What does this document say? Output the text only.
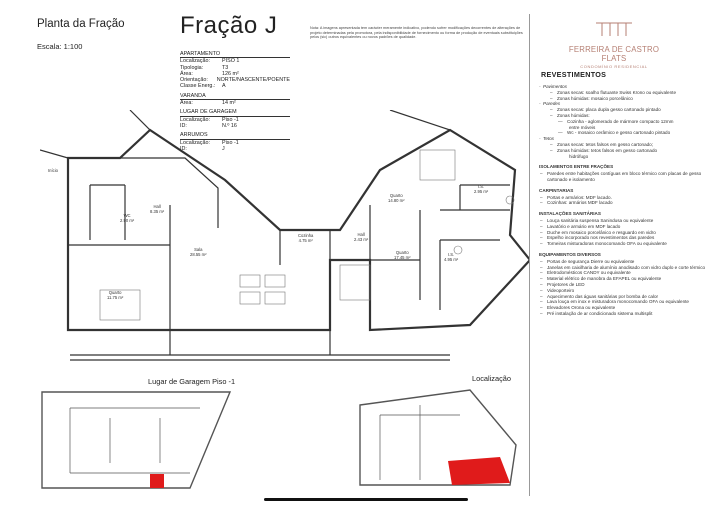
Planta da Fração
Escala: 1:100
Fração J	Nota: A imagens apresentada tem carácter meramente indicativo, podendo sofrer modificações decorrentes de alterações de projeto determinadas pela promotora, pela indisponibilidade de fornecimento ou forma de produção de eventuais substituições pelos (sic) outros equivalentes ou novos padrões de qualidade.
APARTAMENTO
Localização:	PISO 1
Tipologia:	T3
Área:	126 m²
Orientação:	NORTE/NASCENTE/POENTE
Classe Energ.:	A
VARANDA
Área:	14 m²
LUGAR DE GARAGEM
Localização:	Piso -1
ID:	N.º 16
ARRUMOS
Localização:	Piso -1
ID:	J
Início
WC
2.90 m²
Hall
8.35 m²
Sala
28.55 m²
Quarto
11.75 m²
Cozinha
4.75 m²
Hall
2.43 m²
Quarto
14.80 m²
Quarto
17.45 m²
I.S.
2.95 m²
I.S.
4.95 m²
Lugar de Garagem Piso -1	Localização
FERREIRA DE CASTRO FLATS
CONDOMÍNIO RESIDENCIAL
REVESTIMENTOS
- Pavimentos
– Zonas secas: soalho flutuante Swiss Krono ou equivalente
– Zonas húmidas: mosaico porcelânico
- Paredes
– Zonas secas: placa dupla gesso cartonado pintado
– Zonas húmidas:
— Cozinha - aglomerado de mármore compacto 12mm
entre móveis
— Wc - mosaico cerâmico e gesso cartonado pintado
- Tetos
– Zonas secas: tetos falsos em gesso cartonado;
– Zonas húmidas: tetos falsos em gesso cartonado
hidrófugo
ISOLAMENTOS ENTRE FRAÇÕES
– Paredes entre habitações contíguas em bloco térmico com placas de gesso cartonado e isolamento
CARPINTARIAS
– Portas e armários: MDF lacado.
– Cozinhas: armários MDF lacado
INSTALAÇÕES SANITÁRIAS
– Louça sanitária suspensa Sanindusa ou equivalente
– Lavatório e armário em MDF lacado
– Duche em mosaico porcelânico e resguardo em vidro
– Espelho incorporado nos revestimentos das paredes
– Torneiras misturadoras monocomando OFA ou equivalente
EQUIPAMENTOS DIVERSOS
– Portas de segurança Dierre ou equivalente
– Janelas em caixilharia de alumínio anodisado com vidro duplo e corte térmico
– Eletrodomésticos CANDY ou equivalente
– Material elétrico de manobra da EFAPEL ou equivalente
– Projetores de LED
– Videoporteiro
– Aquecimento das águas sanitárias por bomba de calor
– Lava louça em inox e misturadora monocomando OFA ou equivalente
– Elevadores Orona ou equivalente
– Pré instalação de ar condicionado sistema multisplit
